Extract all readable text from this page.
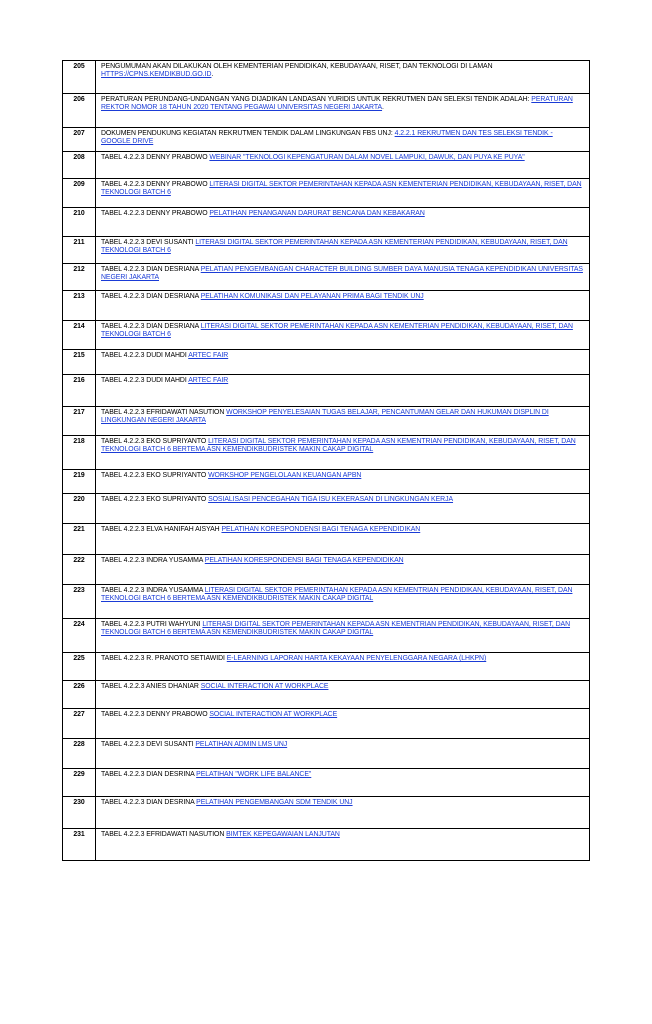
205	PENGUMUMAN AKAN DILAKUKAN OLEH KEMENTERIAN PENDIDIKAN, KEBUDAYAAN, RISET, DAN TEKNOLOGI DI LAMAN HTTPS://CPNS.KEMDIKBUD.GO.ID.
206	PERATURAN PERUNDANG-UNDANGAN YANG DIJADIKAN LANDASAN YURIDIS UNTUK REKRUTMEN DAN SELEKSI TENDIK ADALAH: PERATURAN REKTOR NOMOR 18 TAHUN 2020 TENTANG PEGAWAI UNIVERSITAS NEGERI JAKARTA.
207	DOKUMEN PENDUKUNG KEGIATAN REKRUTMEN TENDIK DALAM LINGKUNGAN FBS UNJ: 4.2.2.1 REKRUTMEN DAN TES SELEKSI TENDIK - GOOGLE DRIVE
208	TABEL 4.2.2.3 DENNY PRABOWO WEBINAR "TEKNOLOGI KEPENGATURAN DALAM NOVEL LAMPUKI, DAWUK, DAN PUYA KE PUYA"
209	TABEL 4.2.2.3 DENNY PRABOWO LITERASI DIGITAL SEKTOR PEMERINTAHAN KEPADA ASN KEMENTERIAN PENDIDIKAN, KEBUDAYAAN, RISET, DAN TEKNOLOGI BATCH 6
210	TABEL 4.2.2.3 DENNY PRABOWO PELATIHAN PENANGANAN DARURAT BENCANA DAN KEBAKARAN
211	TABEL 4.2.2.3 DEVI SUSANTI LITERASI DIGITAL SEKTOR PEMERINTAHAN KEPADA ASN KEMENTERIAN PENDIDIKAN, KEBUDAYAAN, RISET, DAN TEKNOLOGI BATCH 6
212	TABEL 4.2.2.3 DIAN DESRIANA PELATIAN PENGEMBANGAN CHARACTER BUILDING SUMBER DAYA MANUSIA TENAGA KEPENDIDIKAN UNIVERSITAS NEGERI JAKARTA
213	TABEL 4.2.2.3 DIAN DESRIANA PELATIHAN KOMUNIKASI DAN PELAYANAN PRIMA BAGI TENDIK UNJ
214	TABEL 4.2.2.3 DIAN DESRIANA LITERASI DIGITAL SEKTOR PEMERINTAHAN KEPADA ASN KEMENTERIAN PENDIDIKAN, KEBUDAYAAN, RISET, DAN TEKNOLOGI BATCH 6
215	TABEL 4.2.2.3 DUDI MAHDI ARTEC FAIR
216	TABEL 4.2.2.3 DUDI MAHDI ARTEC FAIR
217	TABEL 4.2.2.3 EFRIDAWATI NASUTION WORKSHOP PENYELESAIAN TUGAS BELAJAR, PENCANTUMAN GELAR DAN HUKUMAN DISPLIN DI LINGKUNGAN NEGERI JAKARTA
218	TABEL 4.2.2.3 EKO SUPRIYANTO LITERASI DIGITAL SEKTOR PEMERINTAHAN KEPADA ASN KEMENTRIAN PENDIDIKAN, KEBUDAYAAN, RISET, DAN TEKNOLOGI BATCH 6 BERTEMA ASN KEMENDIKBUDRISTEK MAKIN CAKAP DIGITAL
219	TABEL 4.2.2.3 EKO SUPRIYANTO WORKSHOP PENGELOLAAN KEUANGAN APBN
220	TABEL 4.2.2.3 EKO SUPRIYANTO SOSIALISASI PENCEGAHAN TIGA ISU KEKERASAN DI LINGKUNGAN KERJA
221	TABEL 4.2.2.3 ELVA HANIFAH AISYAH PELATIHAN KORESPONDENSI BAGI TENAGA KEPENDIDIKAN
222	TABEL 4.2.2.3 INDRA YUSAMMA PELATIHAN KORESPONDENSI BAGI TENAGA KEPENDIDIKAN
223	TABEL 4.2.2.3 INDRA YUSAMMA LITERASI DIGITAL SEKTOR PEMERINTAHAN KEPADA ASN KEMENTRIAN PENDIDIKAN, KEBUDAYAAN, RISET, DAN TEKNOLOGI BATCH 6 BERTEMA ASN KEMENDIKBUDRISTEK MAKIN CAKAP DIGITAL
224	TABEL 4.2.2.3 PUTRI WAHYUNI LITERASI DIGITAL SEKTOR PEMERINTAHAN KEPADA ASN KEMENTRIAN PENDIDIKAN, KEBUDAYAAN, RISET, DAN TEKNOLOGI BATCH 6 BERTEMA ASN KEMENDIKBUDRISTEK MAKIN CAKAP DIGITAL
225	TABEL 4.2.2.3 R. PRANOTO SETIAWIDI E-LEARNING LAPORAN HARTA KEKAYAAN PENYELENGGARA NEGARA (LHKPN)
226	TABEL 4.2.2.3 ANIES DHANIAR SOCIAL INTERACTION AT WORKPLACE
227	TABEL 4.2.2.3 DENNY PRABOWO SOCIAL INTERACTION AT WORKPLACE
228	TABEL 4.2.2.3 DEVI SUSANTI PELATIHAN ADMIN LMS UNJ
229	TABEL 4.2.2.3 DIAN DESRINA PELATIHAN "WORK LIFE BALANCE"
230	TABEL 4.2.2.3 DIAN DESRINA PELATIHAN PENGEMBANGAN SDM TENDIK UNJ
231	TABEL 4.2.2.3 EFRIDAWATI NASUTION BIMTEK KEPEGAWAIAN LANJUTAN
